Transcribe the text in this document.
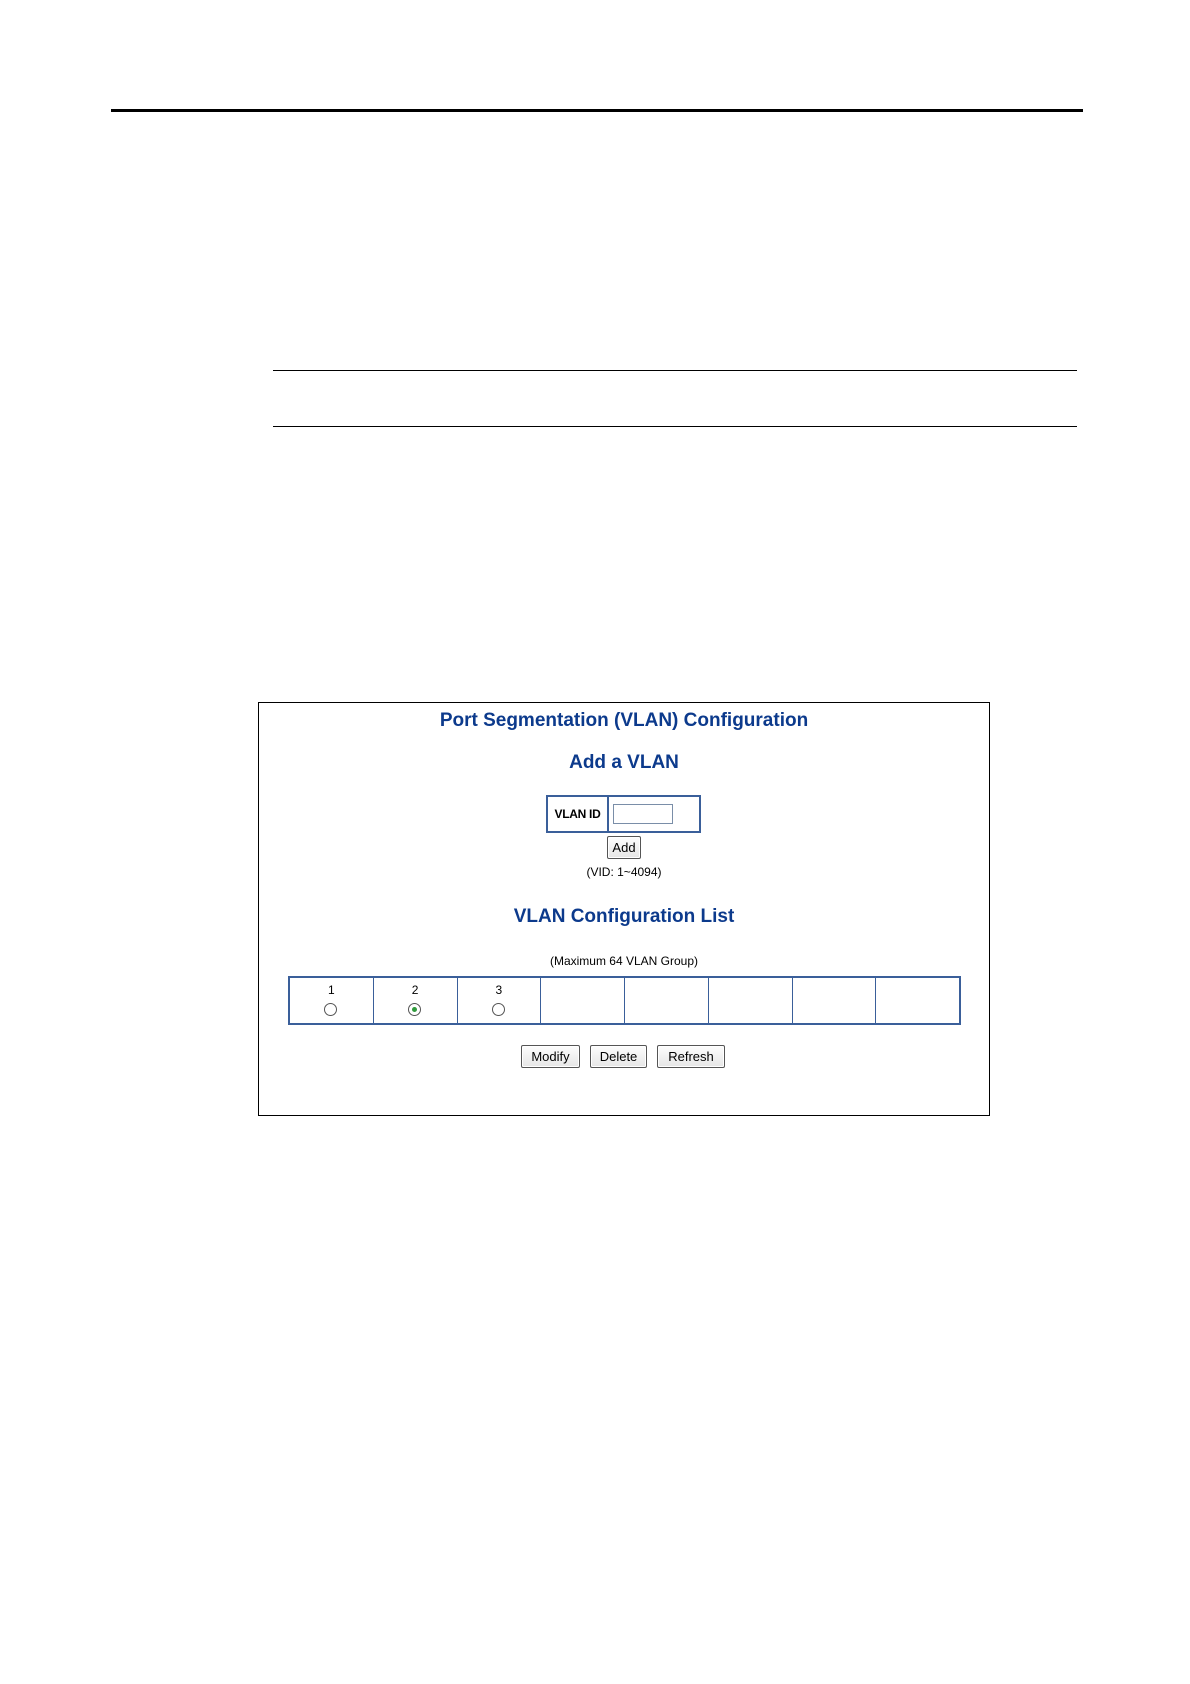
Port Segmentation (VLAN) Configuration
Add a VLAN
VLAN ID
Add
(VID: 1~4094)
VLAN Configuration List
(Maximum 64 VLAN Group)
1	2	3
Modify	Delete	Refresh
